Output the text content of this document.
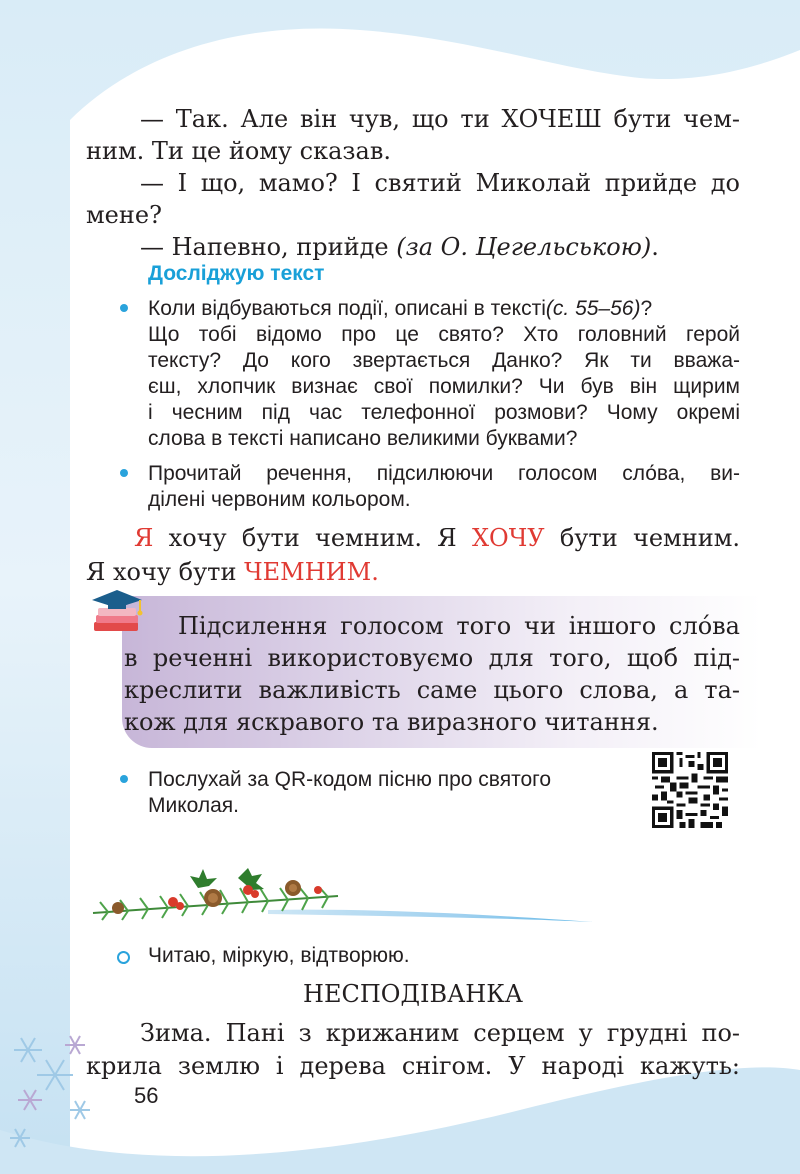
— Так. Але він чув, що ти ХОЧЕШ бути чем-
ним. Ти це йому сказав.
— І що, мамо? І святий Миколай прийде до
мене?
— Напевно, прийде (за О. Цегельською).
Досліджую текст
Коли відбуваються події, описані в тексті(с. 55–56)?
Що тобі відомо про це свято? Хто головний герой
тексту? До кого звертається Данко? Як ти вважа-
єш, хлопчик визнає свої помилки? Чи був він щирим
і чесним під час телефонної розмови? Чому окремі
слова в тексті написано великими буквами?
Прочитай речення, підсилюючи голосом сло́ва, ви-
ділені червоним кольором.
Я хочу бути чемним. Я ХОЧУ бути чемним.
Я хочу бути ЧЕМНИМ.
Підсилення голосом того чи іншого сло́ва
в реченні використовуємо для того, щоб під-
креслити важливість саме цього слова, а та-
кож для яскравого та виразного читання.
Послухай за QR-кодом пісню про святого
Миколая.
Читаю, міркую, відтворюю.
НЕСПОДІВАНКА
Зима. Пані з крижаним серцем у грудні по-
крила землю і дерева снігом. У народі кажуть:
56
